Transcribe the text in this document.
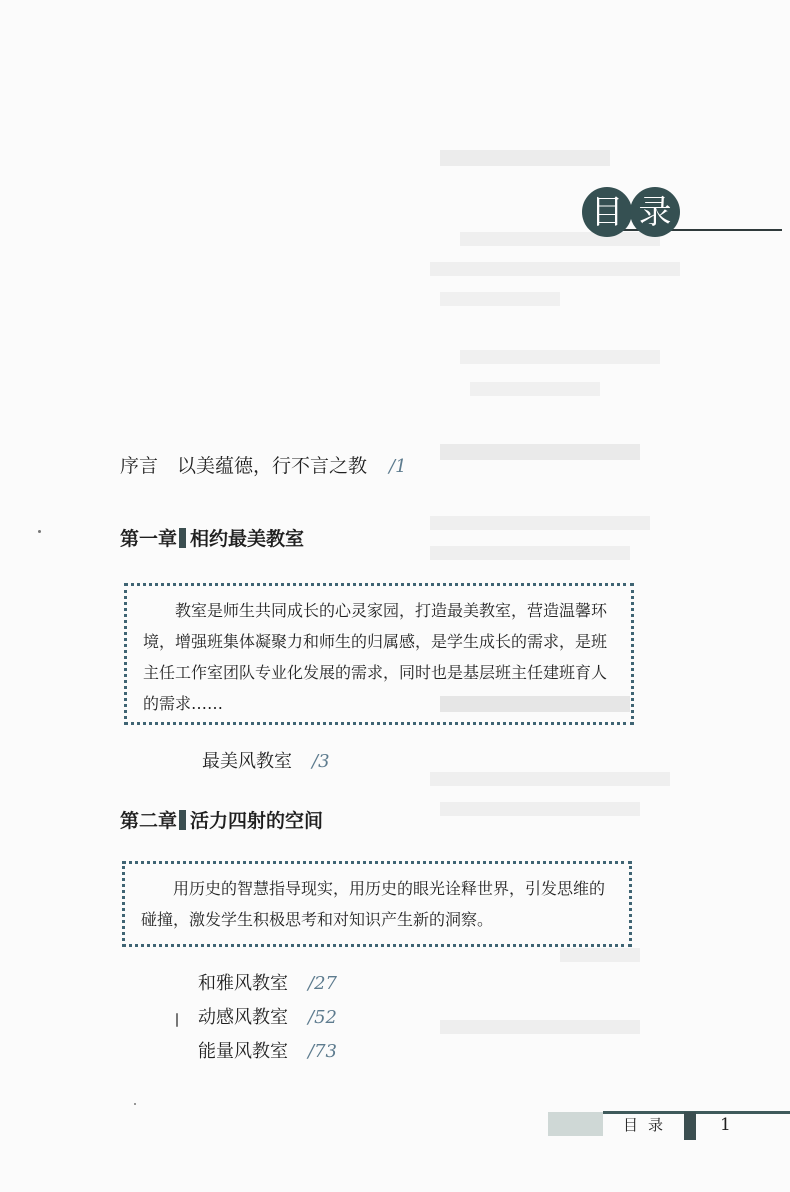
目 录
序言　以美蕴德，行不言之教 /1
第一章 相约最美教室

教室是师生共同成长的心灵家园，打造最美教室，营造温馨环境，增强班集体凝聚力和师生的归属感，是学生成长的需求，是班主任工作室团队专业化发展的需求，同时也是基层班主任建班育人的需求……

最美风教室 /3
第二章 活力四射的空间

用历史的智慧指导现实，用历史的眼光诠释世界，引发思维的碰撞，激发学生积极思考和对知识产生新的洞察。

和雅风教室 /27
动感风教室 /52
能量风教室 /73
目录	1
